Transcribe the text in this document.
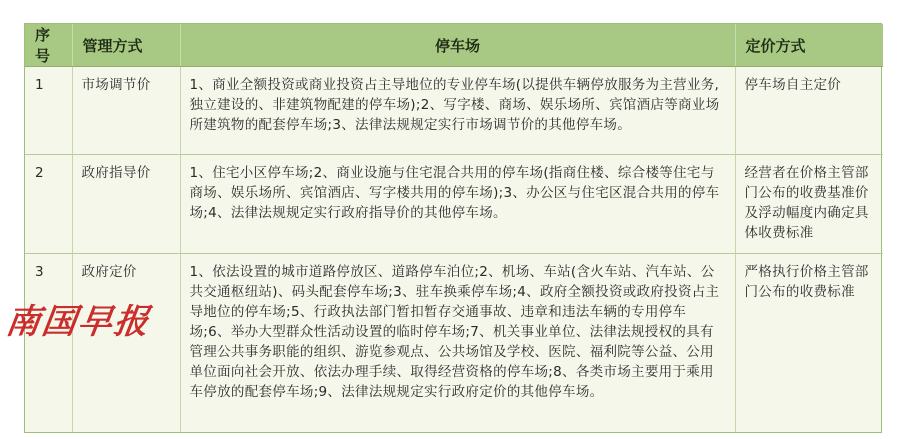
序号	管理方式	停车场	定价方式
1	市场调节价	1、商业全额投资或商业投资占主导地位的专业停车场(以提供车辆停放服务为主营业务,独立建设的、非建筑物配建的停车场);2、写字楼、商场、娱乐场所、宾馆酒店等商业场所建筑物的配套停车场;3、法律法规规定实行市场调节价的其他停车场。	停车场自主定价
2	政府指导价	1、住宅小区停车场;2、商业设施与住宅混合共用的停车场(指商住楼、综合楼等住宅与商场、娱乐场所、宾馆酒店、写字楼共用的停车场);3、办公区与住宅区混合共用的停车场;4、法律法规规定实行政府指导价的其他停车场。	经营者在价格主管部门公布的收费基准价及浮动幅度内确定具体收费标准
3	政府定价	1、依法设置的城市道路停放区、道路停车泊位;2、机场、车站(含火车站、汽车站、公共交通枢纽站)、码头配套停车场;3、驻车换乘停车场;4、政府全额投资或政府投资占主导地位的停车场;5、行政执法部门暂扣暂存交通事故、违章和违法车辆的专用停车场;6、举办大型群众性活动设置的临时停车场;7、机关事业单位、法律法规授权的具有管理公共事务职能的组织、游览参观点、公共场馆及学校、医院、福利院等公益、公用单位面向社会开放、依法办理手续、取得经营资格的停车场;8、各类市场主要用于乘用车停放的配套停车场;9、法律法规规定实行政府定价的其他停车场。	严格执行价格主管部门公布的收费标准
南国早报
